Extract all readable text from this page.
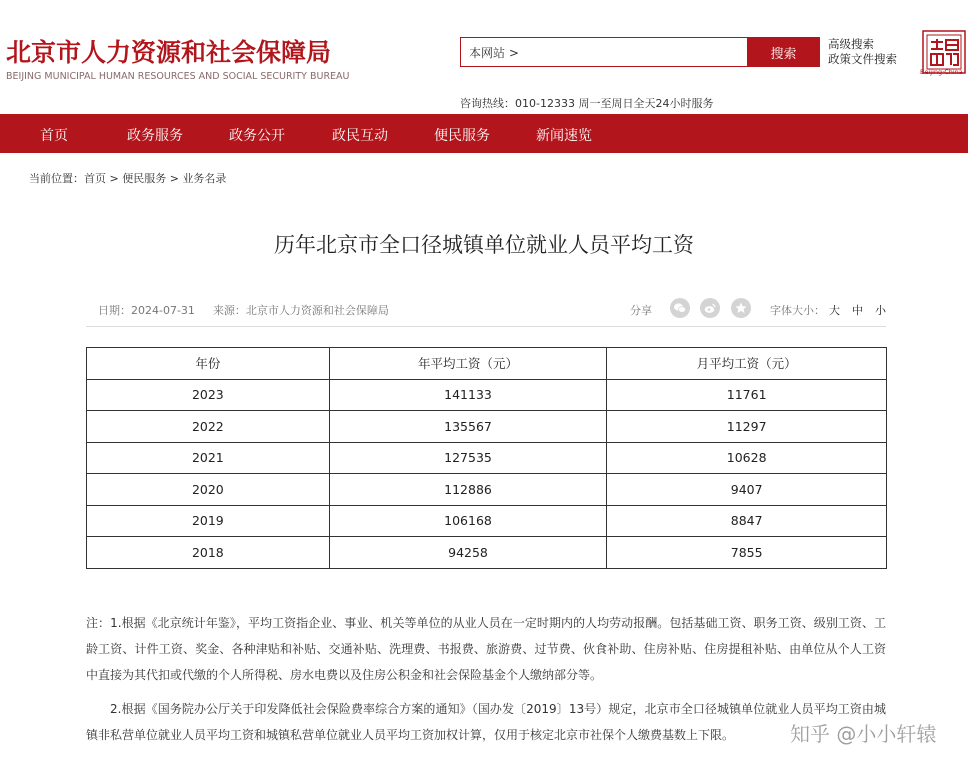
北京市人力资源和社会保障局
BEIJING MUNICIPAL HUMAN RESOURCES AND SOCIAL SECURITY BUREAU
本网站 >
搜索
高级搜索
政策文件搜索
咨询热线：010-12333 周一至周日全天24小时服务
Beijing·China
首页	政务服务	政务公开	政民互动	便民服务	新闻速览
当前位置：首页 > 便民服务 > 业务名录
历年北京市全口径城镇单位就业人员平均工资
日期：2024-07-31 来源：北京市人力资源和社会保障局	分享	字体大小： 大 中 小
年份	年平均工资（元）	月平均工资（元）
2023	141133	11761
2022	135567	11297
2021	127535	10628
2020	112886	9407
2019	106168	8847
2018	94258	7855

注：1.根据《北京统计年鉴》，平均工资指企业、事业、机关等单位的从业人员在一定时期内的人均劳动报酬。包括基础工资、职务工资、级别工资、工龄工资、计件工资、奖金、各种津贴和补贴、交通补贴、洗理费、书报费、旅游费、过节费、伙食补助、住房补贴、住房提租补贴、由单位从个人工资中直接为其代扣或代缴的个人所得税、房水电费以及住房公积金和社会保险基金个人缴纳部分等。

2.根据《国务院办公厅关于印发降低社会保险费率综合方案的通知》（国办发〔2019〕13号）规定，北京市全口径城镇单位就业人员平均工资由城镇非私营单位就业人员平均工资和城镇私营单位就业人员平均工资加权计算，仅用于核定北京市社保个人缴费基数上下限。	知乎 @小小轩辕
